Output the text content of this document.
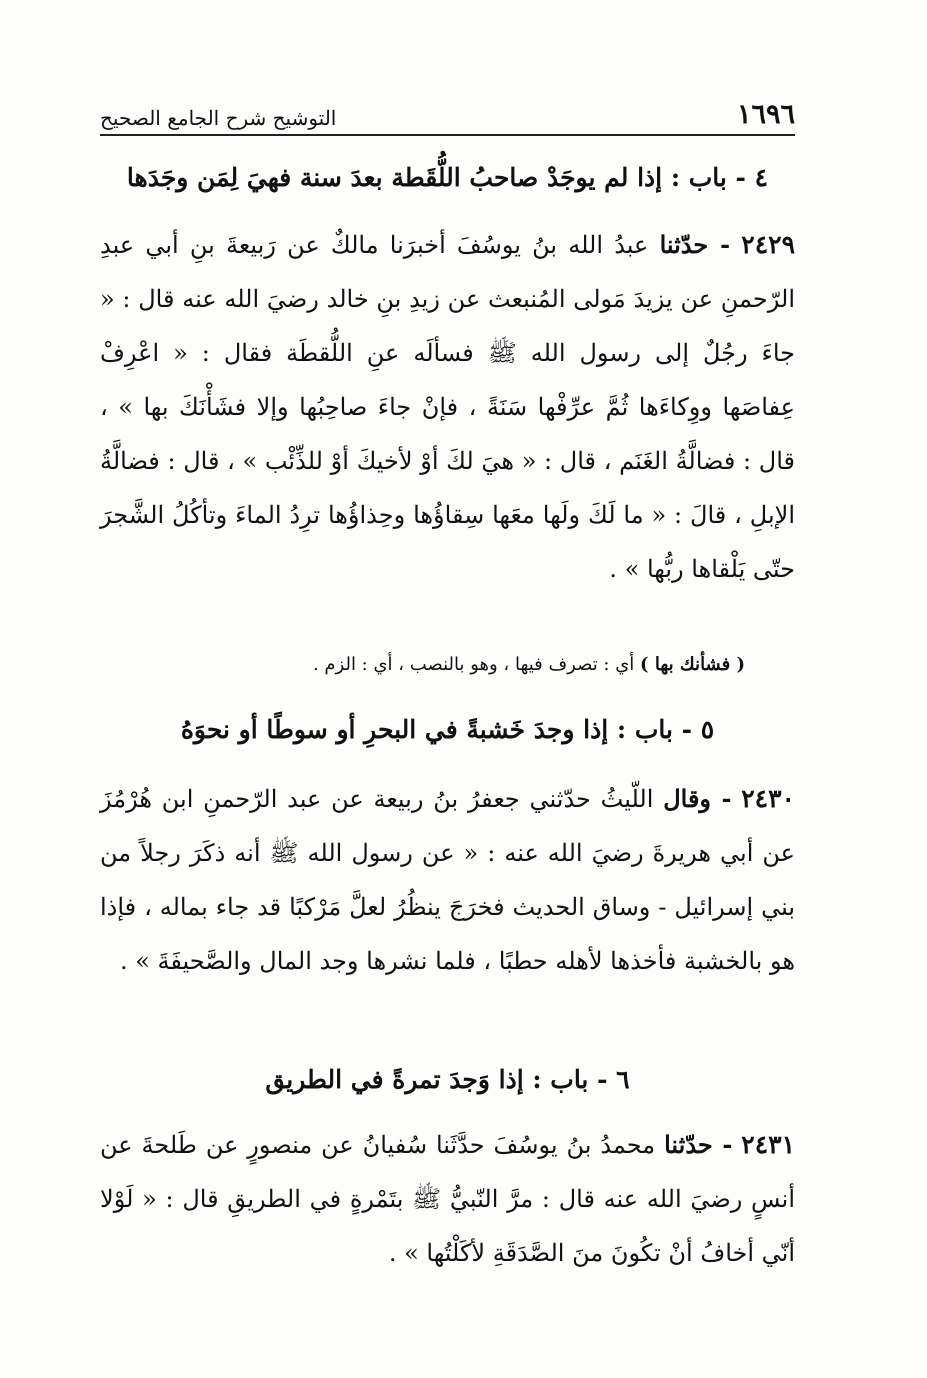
١٦٩٦
التوشيح شرح الجامع الصحيح
٤ - باب : إذا لم يوجَدْ صاحبُ اللُّقَطة بعدَ سنة فهيَ لِمَن وجَدَها
٢٤٢٩ - حدّثنا عبدُ الله بنُ يوسُفَ أخبرَنا مالكٌ عن رَبيعةَ بنِ أبي عبدِ الرّحمنِ عن يزيدَ مَولى المُنبعث عن زيدِ بنِ خالد رضيَ الله عنه قال : « جاءَ رجُلٌ إلى رسول الله ﷺ فسألَه عنِ اللُّقطَة فقال : « اعْرِفْ عِفاصَها ووِكاءَها ثُمَّ عرِّفْها سَنَةً ، فإنْ جاءَ صاحِبُها وإلا فشَأْنَكَ بها » ، قال : فضالَّةُ الغَنَم ، قال : « هيَ لكَ أوْ لأخيكَ أوْ للذِّئْب » ، قال : فضالَّةُ الإبلِ ، قالَ : « ما لَكَ ولَها معَها سِقاؤُها وحِذاؤُها ترِدُ الماءَ وتأكُلُ الشَّجرَ حتّى يَلْقاها ربُّها » .
( فشأنك بها ) أي : تصرف فيها ، وهو بالنصب ، أي : الزم .
٥ - باب : إذا وجدَ خَشبةً في البحرِ أو سوطًا أو نحوَهُ
٢٤٣٠ - وقال اللّيثُ حدّثني جعفرُ بنُ ربيعة عن عبد الرّحمنِ ابن هُرْمُزَ عن أبي هريرةَ رضيَ الله عنه : « عن رسول الله ﷺ أنه ذكَرَ رجلاً من بني إسرائيل - وساق الحديث فخرَجَ ينظُرُ لعلَّ مَرْكبًا قد جاء بماله ، فإذا هو بالخشبة فأخذها لأهله حطبًا ، فلما نشرها وجد المال والصَّحيفَةَ » .
٦ - باب : إذا وَجدَ تمرةً في الطريق
٢٤٣١ - حدّثنا محمدُ بنُ يوسُفَ حدَّثَنا سُفيانُ عن منصورٍ عن طَلحةَ عن أنسٍ رضيَ الله عنه قال : مرَّ النّبيُّ ﷺ بتَمْرةٍ في الطريقِ قال : « لَوْلا أنّي أخافُ أنْ تكُونَ منَ الصَّدَقَةِ لأكَلْتُها » .
